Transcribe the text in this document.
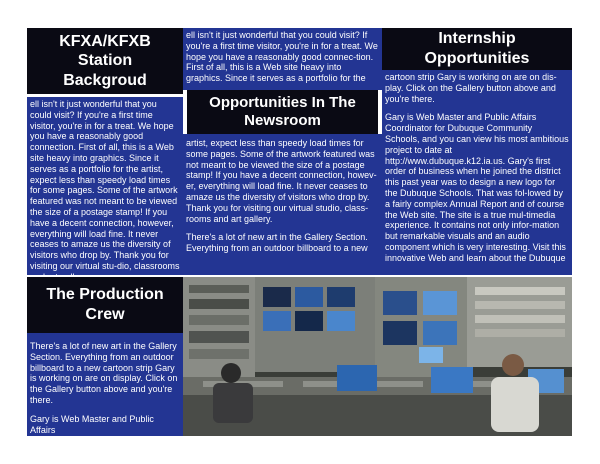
KFXA/KFXB
Station
Backgroud

ell isn't it just wonderful that you could visit? If you're a first time visitor, you're in for a treat. We hope you have a reasonably good connection. First of all, this is a Web site heavy into graphics. Since it serves as a portfolio for the artist, expect less than speedy load times for some pages. Some of the artwork featured was not meant to be viewed the size of a postage stamp! If you have a decent connection, however, everything will load fine. It never ceases to amaze us the diversity of visitors who drop by. Thank you for visiting our virtual stu-dio, classrooms

ell isn't it just wonderful that you could visit? If you're a first time visitor, you're in for a treat. We hope you have a reasonably good connec-tion. First of all, this is a Web site heavy into graphics. Since it serves as a portfolio for the

Opportunities In The
Newsroom

artist, expect less than speedy load times for some pages. Some of the artwork featured was not meant to be viewed the size of a postage stamp! If you have a decent connection, howev-er, everything will load fine. It never ceases to amaze us the diversity of visitors who drop by. Thank you for visiting our virtual studio, class-rooms and art gallery.

There's a lot of new art in the Gallery Section. Everything from an outdoor billboard to a new

Internship
Opportunities

cartoon strip Gary is working on are on dis-play. Click on the Gallery button above and you're there.

Gary is Web Master and Public Affairs Coordinator for Dubuque Community Schools, and you can view his most ambitious project to date at http://www.dubuque.k12.ia.us. Gary's first order of business when he joined the district this past year was to design a new logo for the Dubuque Schools. That was fol-lowed by a fairly complex Annual Report and of course the Web site. The site is a true mul-timedia experience. It contains not only infor-mation but remarkable visuals and an audio component which is very interesting. Visit this innovative Web and learn about the Dubuque

The Production
Crew

There's a lot of new art in the Gallery Section. Everything from an outdoor billboard to a new cartoon strip Gary is working on are on display. Click on the Gallery button above and you're there.

Gary is Web Master and Public Affairs
